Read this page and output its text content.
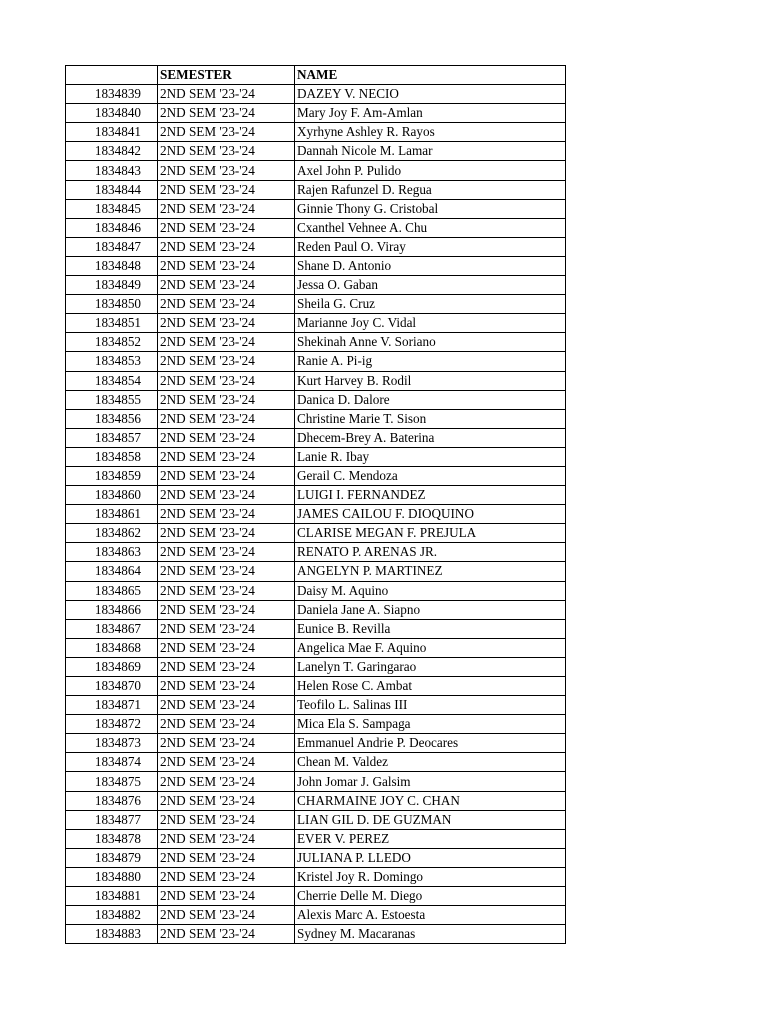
	SEMESTER	NAME
1834839	2ND SEM '23-'24	DAZEY V. NECIO
1834840	2ND SEM '23-'24	Mary Joy F. Am-Amlan
1834841	2ND SEM '23-'24	Xyrhyne Ashley R. Rayos
1834842	2ND SEM '23-'24	Dannah Nicole M. Lamar
1834843	2ND SEM '23-'24	Axel John P. Pulido
1834844	2ND SEM '23-'24	Rajen Rafunzel D. Regua
1834845	2ND SEM '23-'24	Ginnie Thony G. Cristobal
1834846	2ND SEM '23-'24	Cxanthel Vehnee A. Chu
1834847	2ND SEM '23-'24	Reden Paul O. Viray
1834848	2ND SEM '23-'24	Shane D. Antonio
1834849	2ND SEM '23-'24	Jessa O. Gaban
1834850	2ND SEM '23-'24	Sheila G. Cruz
1834851	2ND SEM '23-'24	Marianne Joy C. Vidal
1834852	2ND SEM '23-'24	Shekinah Anne V. Soriano
1834853	2ND SEM '23-'24	Ranie A. Pi-ig
1834854	2ND SEM '23-'24	Kurt Harvey B. Rodil
1834855	2ND SEM '23-'24	Danica D. Dalore
1834856	2ND SEM '23-'24	Christine Marie T. Sison
1834857	2ND SEM '23-'24	Dhecem-Brey A. Baterina
1834858	2ND SEM '23-'24	Lanie R. Ibay
1834859	2ND SEM '23-'24	Gerail C. Mendoza
1834860	2ND SEM '23-'24	LUIGI I. FERNANDEZ
1834861	2ND SEM '23-'24	JAMES CAILOU F. DIOQUINO
1834862	2ND SEM '23-'24	CLARISE MEGAN F. PREJULA
1834863	2ND SEM '23-'24	RENATO P. ARENAS JR.
1834864	2ND SEM '23-'24	ANGELYN P. MARTINEZ
1834865	2ND SEM '23-'24	Daisy M. Aquino
1834866	2ND SEM '23-'24	Daniela Jane A. Siapno
1834867	2ND SEM '23-'24	Eunice B. Revilla
1834868	2ND SEM '23-'24	Angelica Mae F. Aquino
1834869	2ND SEM '23-'24	Lanelyn T. Garingarao
1834870	2ND SEM '23-'24	Helen Rose C. Ambat
1834871	2ND SEM '23-'24	Teofilo L. Salinas III
1834872	2ND SEM '23-'24	Mica Ela S. Sampaga
1834873	2ND SEM '23-'24	Emmanuel Andrie P. Deocares
1834874	2ND SEM '23-'24	Chean M. Valdez
1834875	2ND SEM '23-'24	John Jomar J. Galsim
1834876	2ND SEM '23-'24	CHARMAINE JOY C. CHAN
1834877	2ND SEM '23-'24	LIAN GIL D. DE GUZMAN
1834878	2ND SEM '23-'24	EVER V. PEREZ
1834879	2ND SEM '23-'24	JULIANA P. LLEDO
1834880	2ND SEM '23-'24	Kristel Joy R. Domingo
1834881	2ND SEM '23-'24	Cherrie Delle M. Diego
1834882	2ND SEM '23-'24	Alexis Marc A. Estoesta
1834883	2ND SEM '23-'24	Sydney M. Macaranas
